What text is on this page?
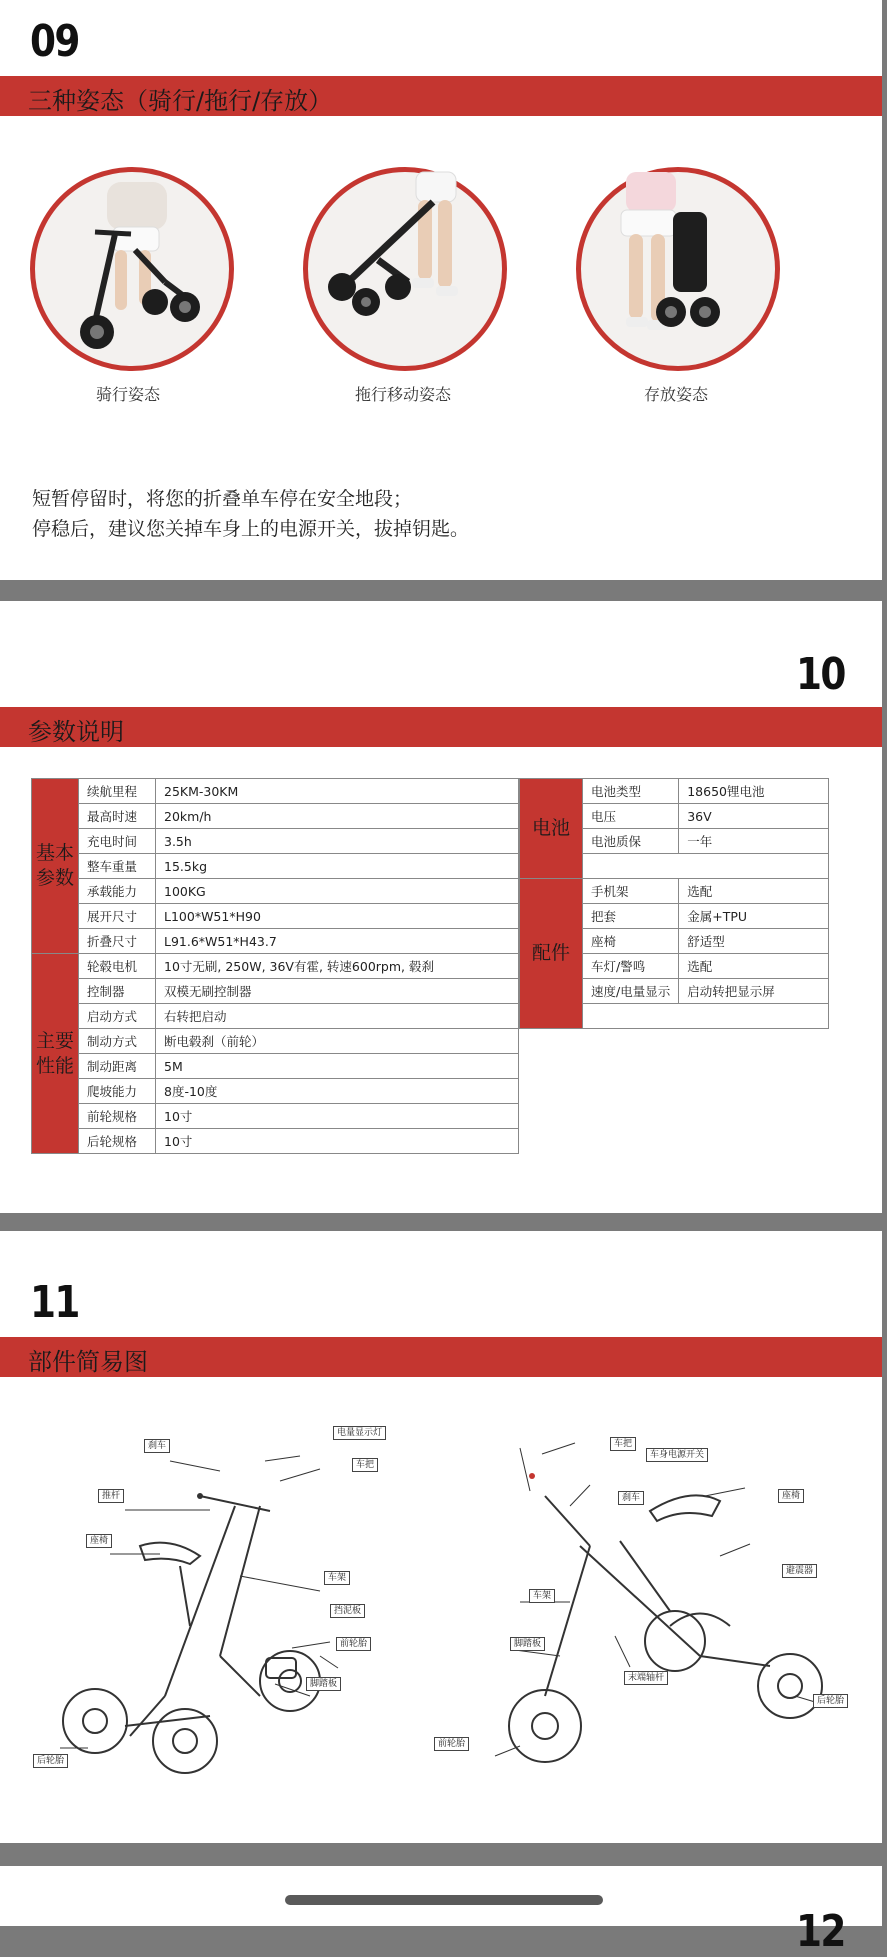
09
三种姿态（骑行/拖行/存放）
骑行姿态	拖行移动姿态	存放姿态
短暂停留时，将您的折叠单车停在安全地段；
停稳后，建议您关掉车身上的电源开关，拔掉钥匙。
10
参数说明
基本参数	续航里程	25KM-30KM
	最高时速	20km/h
	充电时间	3.5h
	整车重量	15.5kg
	承载能力	100KG
	展开尺寸	L100*W51*H90
	折叠尺寸	L91.6*W51*H43.7
主要性能	轮毂电机	10寸无刷, 250W, 36V有霍, 转速600rpm, 毂刹
	控制器	双模无刷控制器
	启动方式	右转把启动
	制动方式	断电毂刹（前轮）
	制动距离	5M
	爬坡能力	8度-10度
	前轮规格	10寸
	后轮规格	10寸
电池	电池类型	18650锂电池
	电压	36V
	电池质保	一年

配件	手机架	选配
	把套	金属+TPU
	座椅	舒适型
	车灯/警鸣	选配
	速度/电量显示	启动转把显示屏

11
部件简易图
刹车
电量显示灯
车把
推杆
座椅
车架
挡泥板
前轮胎
脚踏板
后轮胎
车把
车身电源开关
刹车	座椅
避震器
车架
脚踏板
末端轴杆
后轮胎
前轮胎
12
